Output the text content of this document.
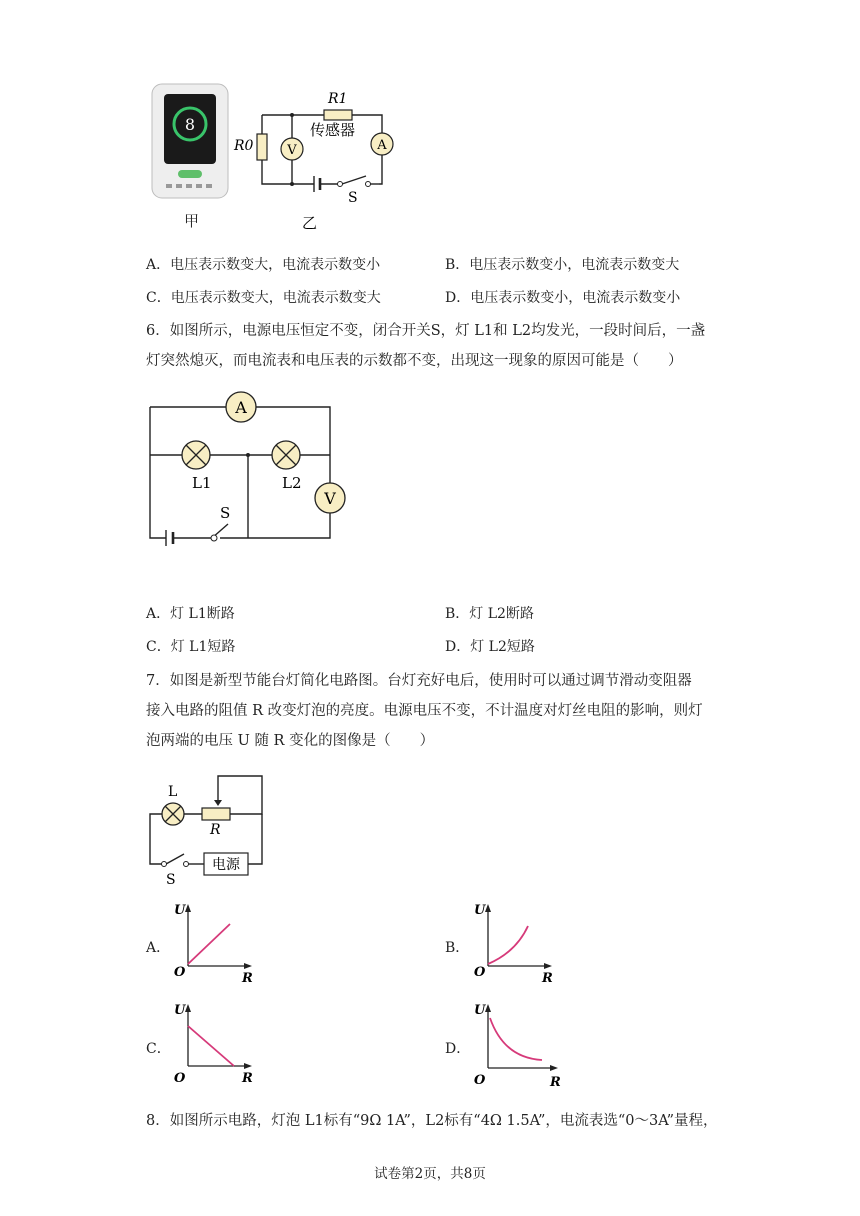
8
甲
V	A
R1
R0
传感器
S
乙
A．电压表示数变大，电流表示数变小	B．电压表示数变小，电流表示数变大
C．电压表示数变大，电流表示数变大	D．电压表示数变小，电流表示数变小

6．如图所示，电源电压恒定不变，闭合开关S，灯 L1和 L2均发光，一段时间后，一盏

灯突然熄灭，而电流表和电压表的示数都不变，出现这一现象的原因可能是（　　）

A
V
L1	L2
S
A．灯 L1断路	B．灯 L2断路
C．灯 L1短路	D．灯 L2短路

7．如图是新型节能台灯简化电路图。台灯充好电后，使用时可以通过调节滑动变阻器

接入电路的阻值 R 改变灯泡的亮度。电源电压不变，不计温度对灯丝电阻的影响，则灯

泡两端的电压 U 随 R 变化的图像是（　　）

电源
L
R
S
A．
U
R
O
B．
U
R
O
C．
U
R
O
D．
U
R
O

8．如图所示电路，灯泡 L1标有“9Ω 1A”，L2标有“4Ω 1.5A”，电流表选“0～3A”量程，

试卷第2页，共8页
